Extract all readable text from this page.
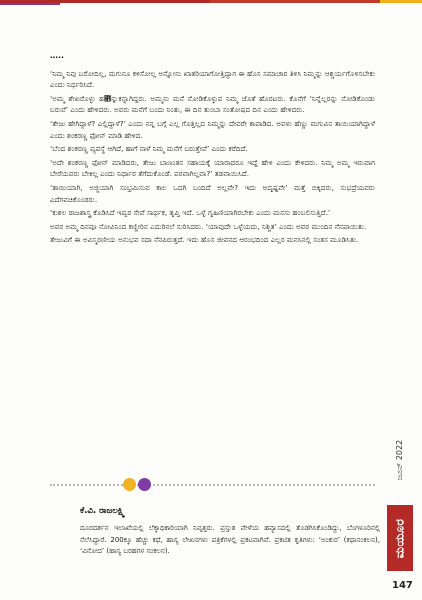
…..

‘ನಿಮ್ಮ ನಿವು ಬರೋದಿಲ್ಲ, ಮಗುನೂ ಕಳಿಸೋಲ್ಲ ಅನ್ನೋನು ಖಾತರಿಯಾಗೋತ್ತಿದ್ದಾಗ ಈ ಹೊಸ ಸಮಾಚಾರ ತಿಳಿಸಿ ನಿಮ್ಮನ್ನು ಆಶ್ಚರ್ಯಗೊಳಿಸಬೇಕು ಎಂದು ನಿರ್ಧರಿಸಿದೆ.

‘ಅಮ್ಮ ಶೇಖರೊಳ್ಳು ಹ೎ನ್ನುಕನ್ನಾಗಿದ್ದರು. ಅಮ್ಮನು ಮನೆ ನೋಡಿಕೊಳ್ಳುವ ನಿಮ್ಮ ಜೊತೆ ಹೊರಟರು. ಕೊನೆಗೆ ‘ನಿನ್ನೆಲ್ಲರನ್ನು ನೋಡಿಕೊಂಡು ಬರುವೆ’ ಎಂದು ಹೇಳಿದರು. ಅವರು ಮನೆಗೆ ಬಂದು ನಿಂತು, ಈ ದಿನ ತುಂಬಾ ಸಂತೋಷದ ದಿನ ಎಂದು ಹೇಳಿದರು.

‘ತೇಜು ಹೇಗಿದ್ದಾಳೆ? ಎಲ್ಲಿದ್ದಾಳೆ?’ ಎಂದು ನನ್ನ ಬಗ್ಗೆ ಎಲ್ಲ ಗೊತ್ತಿಲ್ಲದ ನಿಮ್ಮನ್ನು ದೇವರೇ ಕಾಪಾಡಿದ. ಅವಳು ಹೆಣ್ಣು ಮಗುವಿನ ತಾಯಿಯಾಗಿದ್ದಾಳೆ ಎಂದು ಶಂಕರಣ್ಣ ಫೋನ್ ಮಾಡಿ ಹೇಳಿದ.

‘ಬೆಂದ ಶಂಕರಣ್ಣ ವ್ಯವಸ್ಥೆ ಆಗಿದೆ, ಹಾಗೆ ನಾಳೆ ನಿಮ್ಮ ಮನೆಗೆ ಬರುತ್ತೇವೆ’ ಎಂದು ಕರೆದಿದೆ.

‘ಅದೇ ಶಂಕರಣ್ಣ ಫೋನ್ ಮಾಡಿದರು, ತೇಜು ಬಾಣಂತನ ಸಹಾಯಕ್ಕೆ ಯಾರಾದರೂ ಇದ್ದೆ ಹೇಳಿ ಎಂದು ಕೇಳಿದರು. ನಿಮ್ಮ ಅಮ್ಮ ಇರುವಾಗ ಬೇರೆಯವರು ಬೇಕಿಲ್ಲ ಎಂದು ನಿರ್ಧಾರ ತೆಗೆದುಕೊಂಡೆ. ಪರವಾಗಿಲ್ಲವಾ?’ ತಡವಾಯಿಸಿದೆ.

‘ತಾಯಿಯಾಗಿ, ಅಜ್ಜಿಯಾಗಿ ಸಂಭ್ರಮಿಸುವ ಕಾಲ ಒದಗಿ ಬಂದಿದೆ ಅಲ್ಲವೇ? ಇದು ಅದೃಷ್ಟವೇ’ ಮತ್ತೆ ಬಿಕ್ಕಿದರು, ಸುಭದ್ರೆಯವರು ಎದೆಗವಚಿಕೊಂಡರು.

‘ಕುಶಲ ರಾಜಶಾಸ್ತ್ರ ಕೊಡಿಸಿದೆ ಇವ್ವರ ಸೇವೆ ಸಾರ್ಥಕ, ತೃಪ್ತಿ ಇದೆ. ಒಳ್ಳೆ ಗೃಹಿಣಿಯಾಗಿರಬೇಕು ಎಂದು ಮನಸು ಹಂಬಲಿಸುತ್ತಿದೆ.’

ಅವರ ಅಮ್ಮ ದಿನವೂ ನೋವಿನಿಂದ ಕಣ್ಣೀರಿನ ಎದುರಿನಲೆ ಸುರಿಸಿದರು. ‘ಯಾವುದೇ ಒಳ್ಳೆಯದು, ನಿಶ್ಚಿತ’ ಎಂದು ಅವರ ಮುಂದಿನ ನೆನಪಾಯಿತು.

ತೇಜುವಿಗೆ ಈ ಅವಿಸ್ಮರಣೀಯ ಅನುಭವ ಸದಾ ನೆನಪಿರುತ್ತದೆ. ಇದು ಹೊಸ ಜೀವನದ ಆರಂಭದಿಂದ ಎಲ್ಲರ ಮನಸಿನಲ್ಲಿ ಸಂತಸ ಮೂಡಿಸಿತು.

ಕೆ.ವಿ. ರಾಜಲಕ್ಷ್ಮಿ
ದೂರದರ್ಶನ ಇಲಾಖೆಯಲ್ಲಿ ಲೆಕ್ಕಾಧಿಕಾರಿಯಾಗಿ ನಿವೃತ್ತರು. ಪ್ರಸ್ತುತ ವೇಳೆಯ ಹವ್ಯಾಸದಲ್ಲಿ ತೊಡಗಿಸಿಕೊಂಡಿದ್ದು, ಬೆಂಗಳೂರಿನಲ್ಲಿ ನೆಲೆಸಿದ್ದಾರೆ. 200ಕ್ಕೂ ಹೆಚ್ಚು ಕಥೆ, ಹಾಸ್ಯ ಲೇಖನಗಳು ಪತ್ರಿಕೆಗಳಲ್ಲಿ ಪ್ರಕಟವಾಗಿವೆ. ಪ್ರಕಟಿತ ಕೃತಿಗಳು: ‘ಅಂಕುರ’ (ಕಥಾಸಂಕಲನ), ‘ವಿನೋದ’ (ಹಾಸ್ಯ ಬರಹಗಳ ಸಂಕಲನ).
ಜೂನ್ 2022
ಮಯೂರ
147
